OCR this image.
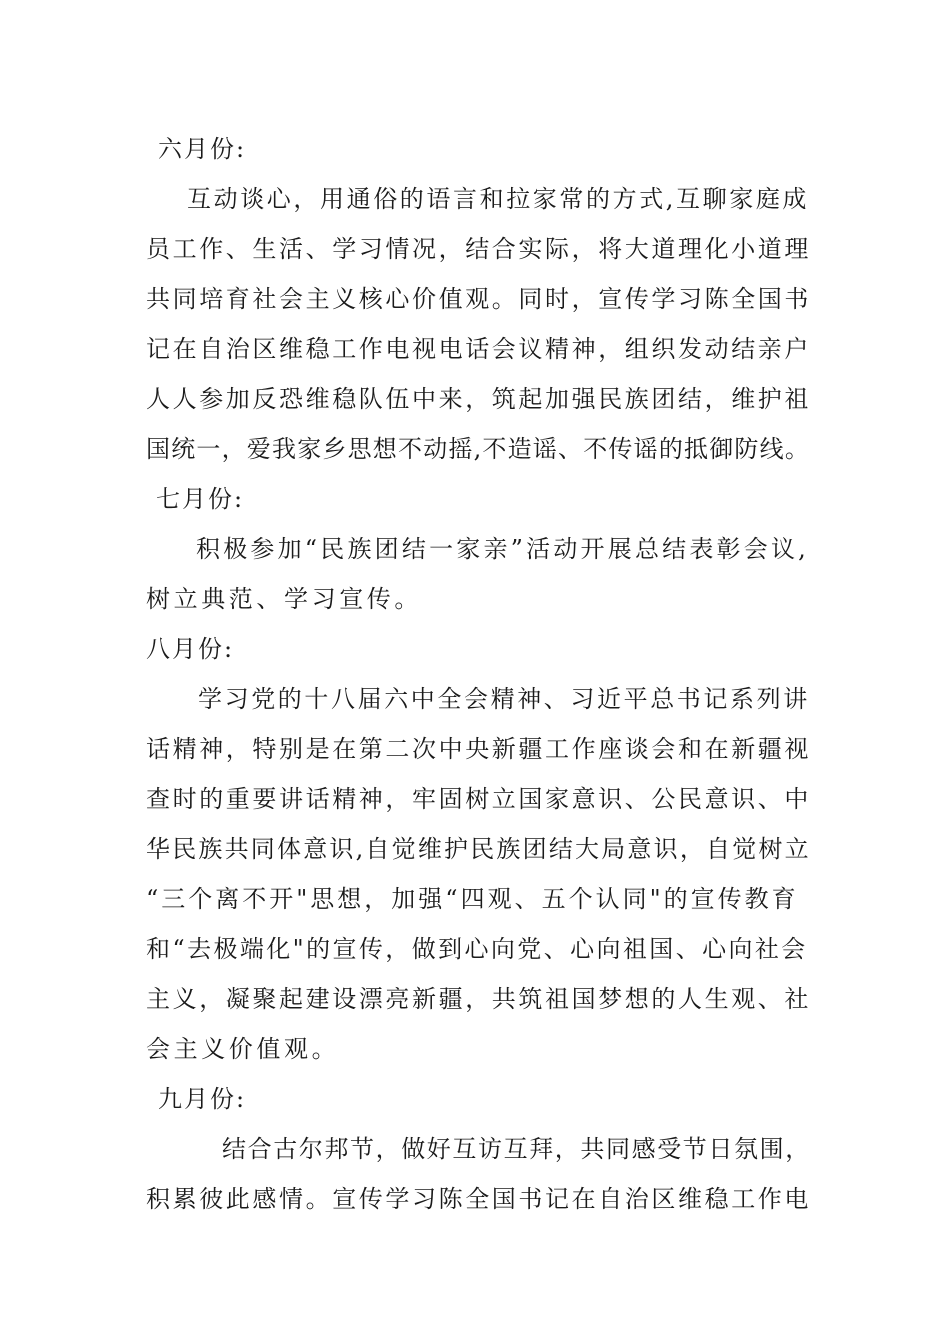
六月份:

互动谈心，用通俗的语言和拉家常的方式,互聊家庭成

员工作、生活、学习情况，结合实际，将大道理化小道理

共同培育社会主义核心价值观。同时，宣传学习陈全国书

记在自治区维稳工作电视电话会议精神，组织发动结亲户

人人参加反恐维稳队伍中来，筑起加强民族团结，维护祖

国统一，爱我家乡思想不动摇,不造谣、不传谣的抵御防线。

七月份:

积极参加“民族团结一家亲”活动开展总结表彰会议,

树立典范、学习宣传。

八月份:

学习党的十八届六中全会精神、习近平总书记系列讲

话精神，特别是在第二次中央新疆工作座谈会和在新疆视

查时的重要讲话精神，牢固树立国家意识、公民意识、中

华民族共同体意识,自觉维护民族团结大局意识，自觉树立

“三个离不开"思想，加强“四观、五个认同"的宣传教育

和“去极端化"的宣传，做到心向党、心向祖国、心向社会

主义，凝聚起建设漂亮新疆，共筑祖国梦想的人生观、社

会主义价值观。

九月份:

结合古尔邦节，做好互访互拜，共同感受节日氛围，

积累彼此感情。宣传学习陈全国书记在自治区维稳工作电
